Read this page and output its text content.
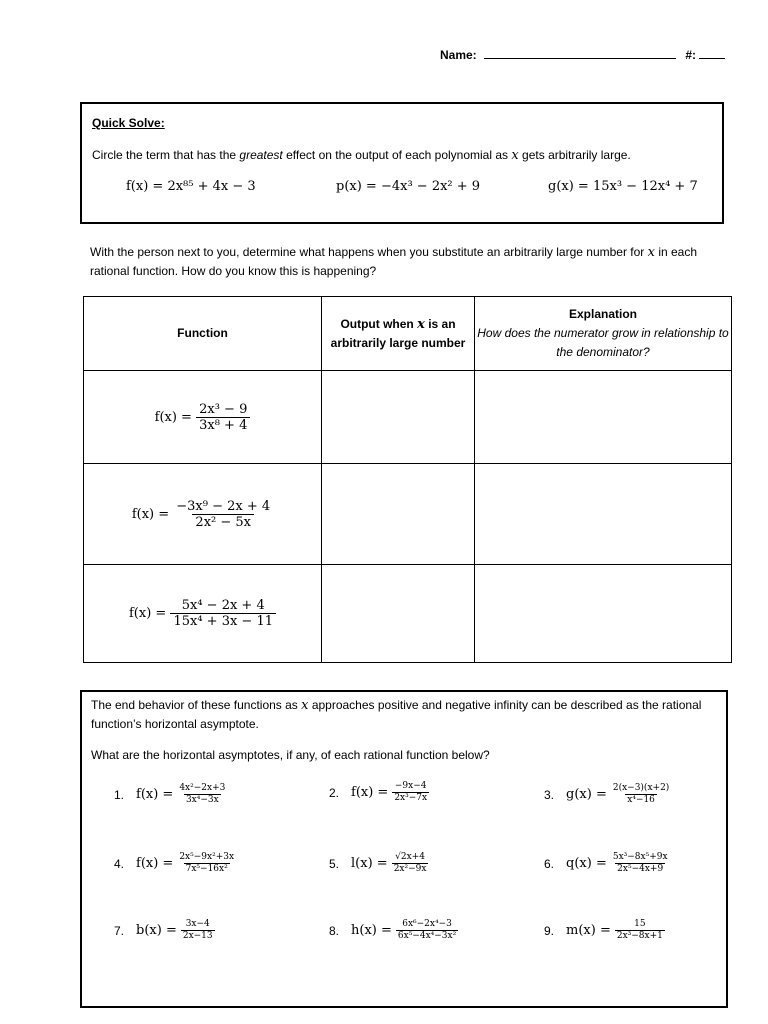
Name:	#:
Quick Solve:
Circle the term that has the greatest effect on the output of each polynomial as x gets arbitrarily large.
f(x) = 2x⁸⁵ + 4x − 3	p(x) = −4x³ − 2x² + 9	g(x) = 15x³ − 12x⁴ + 7
With the person next to you, determine what happens when you substitute an arbitrarily large number for x in each rational function. How do you know this is happening?
Function	Output when x is an arbitrarily large number	Explanation
How does the numerator grow in relationship to the denominator?

$f(x) = \frac{\text{2x³ − 9}}{\text{3x⁸ + 4}}$

$f(x) = \frac{\text{−3x⁹ − 2x + 4}}{\text{2x² − 5x}}$

$f(x) = \frac{\text{5x⁴ − 2x + 4}}{\text{15x⁴ + 3x − 11}}$

The end behavior of these functions as x approaches positive and negative infinity can be described as the rational function’s horizontal asymptote.
What are the horizontal asymptotes, if any, of each rational function below?
1. $f(x) = \frac{\text{4x²−2x+3}}{\text{3x⁴−3x}}$	2. $f(x) = \frac{-9x-4}{\text{2x³−7x}}$	3. $g(x) = \frac{2(x-3)(x+2)}{\text{x⁴−16}}$
4. $f(x) = \frac{\text{2x⁵−9x²+3x}}{\text{7x⁵−16x²}}$	5. $l(x) = \frac{√2x+4}{\text{2x²−9x}}$	6. $q(x) = \frac{\text{5x³−8x⁵+9x}}{\text{2x⁵−4x+9}}$
7. $b(x) = \frac{3x-4}{2x-13}$	8. $h(x) = \frac{\text{6x⁶−2x⁴−3}}{\text{6x⁵−4x⁴−3x²}}$	9. $m(x) = \frac{15}{\text{2x³−8x+1}}$
